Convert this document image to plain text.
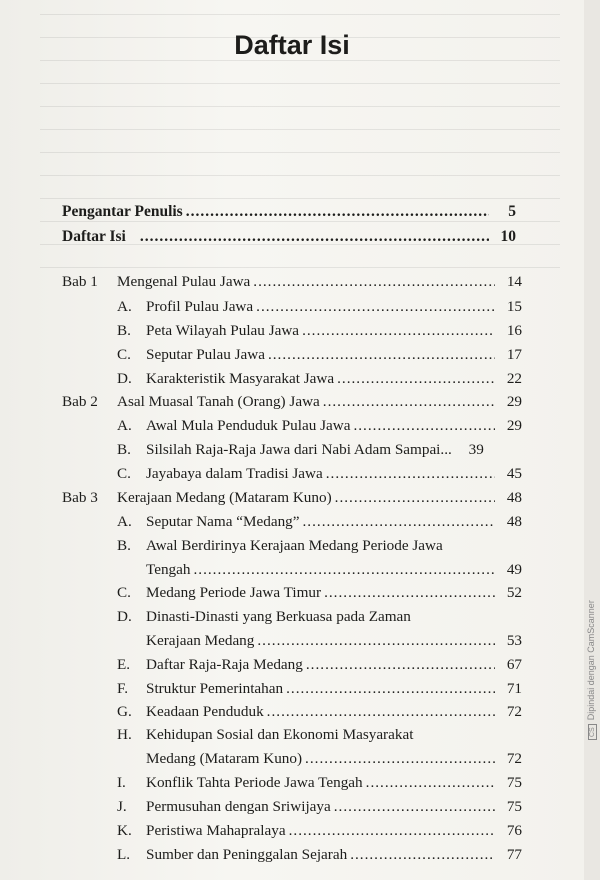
Daftar Isi
Pengantar Penulis .....	5
Daftar Isi .....	10
Bab 1 Mengenal Pulau Jawa .....	14
A. Profil Pulau Jawa .....	15
B. Peta Wilayah Pulau Jawa .....	16
C. Seputar Pulau Jawa .....	17
D. Karakteristik Masyarakat Jawa .....	22
Bab 2 Asal Muasal Tanah (Orang) Jawa .....	29
A. Awal Mula Penduduk Pulau Jawa .....	29
B. Silsilah Raja-Raja Jawa dari Nabi Adam Sampai...	39
C. Jayabaya dalam Tradisi Jawa .....	45
Bab 3 Kerajaan Medang (Mataram Kuno) .....	48
A. Seputar Nama “Medang” .....	48
B. Awal Berdirinya Kerajaan Medang Periode Jawa
Tengah .....	49
C. Medang Periode Jawa Timur .....	52
D. Dinasti-Dinasti yang Berkuasa pada Zaman
Kerajaan Medang .....	53
E. Daftar Raja-Raja Medang .....	67
F. Struktur Pemerintahan .....	71
G. Keadaan Penduduk .....	72
H. Kehidupan Sosial dan Ekonomi Masyarakat
Medang (Mataram Kuno) .....	72
I. Konflik Tahta Periode Jawa Tengah .....	75
J. Permusuhan dengan Sriwijaya .....	75
K. Peristiwa Mahapralaya .....	76
L. Sumber dan Peninggalan Sejarah .....	77
CSDipindai dengan CamScanner
